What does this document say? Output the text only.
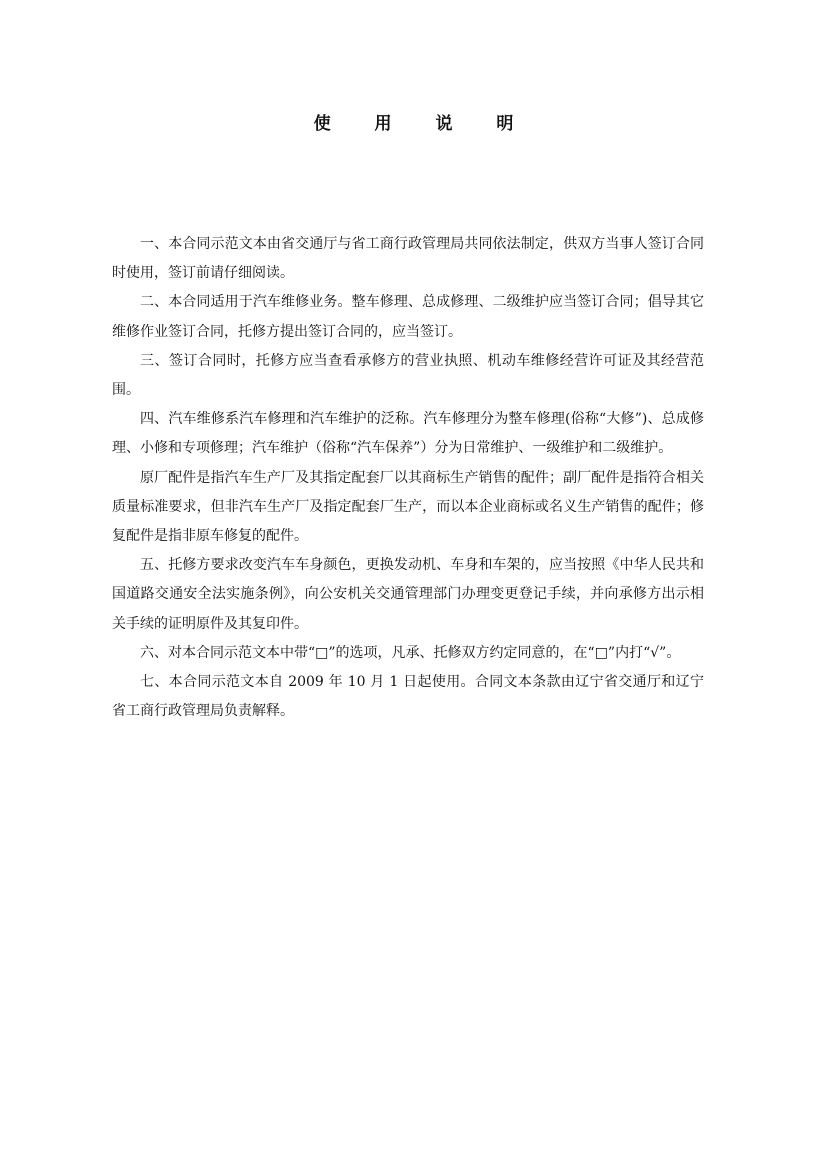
使 用 说 明

一、本合同示范文本由省交通厅与省工商行政管理局共同依法制定，供双方当事人签订合同时使用，签订前请仔细阅读。

二、本合同适用于汽车维修业务。整车修理、总成修理、二级维护应当签订合同；倡导其它维修作业签订合同，托修方提出签订合同的，应当签订。

三、签订合同时，托修方应当查看承修方的营业执照、机动车维修经营许可证及其经营范围。

四、汽车维修系汽车修理和汽车维护的泛称。汽车修理分为整车修理(俗称“大修”)、总成修理、小修和专项修理；汽车维护（俗称“汽车保养”）分为日常维护、一级维护和二级维护。

原厂配件是指汽车生产厂及其指定配套厂以其商标生产销售的配件；副厂配件是指符合相关质量标准要求，但非汽车生产厂及指定配套厂生产，而以本企业商标或名义生产销售的配件；修复配件是指非原车修复的配件。

五、托修方要求改变汽车车身颜色，更换发动机、车身和车架的，应当按照《中华人民共和国道路交通安全法实施条例》，向公安机关交通管理部门办理变更登记手续，并向承修方出示相关手续的证明原件及其复印件。

六、对本合同示范文本中带“□”的选项，凡承、托修双方约定同意的，在“□”内打“√”。

七、本合同示范文本自 2009 年 10 月 1 日起使用。合同文本条款由辽宁省交通厅和辽宁省工商行政管理局负责解释。
